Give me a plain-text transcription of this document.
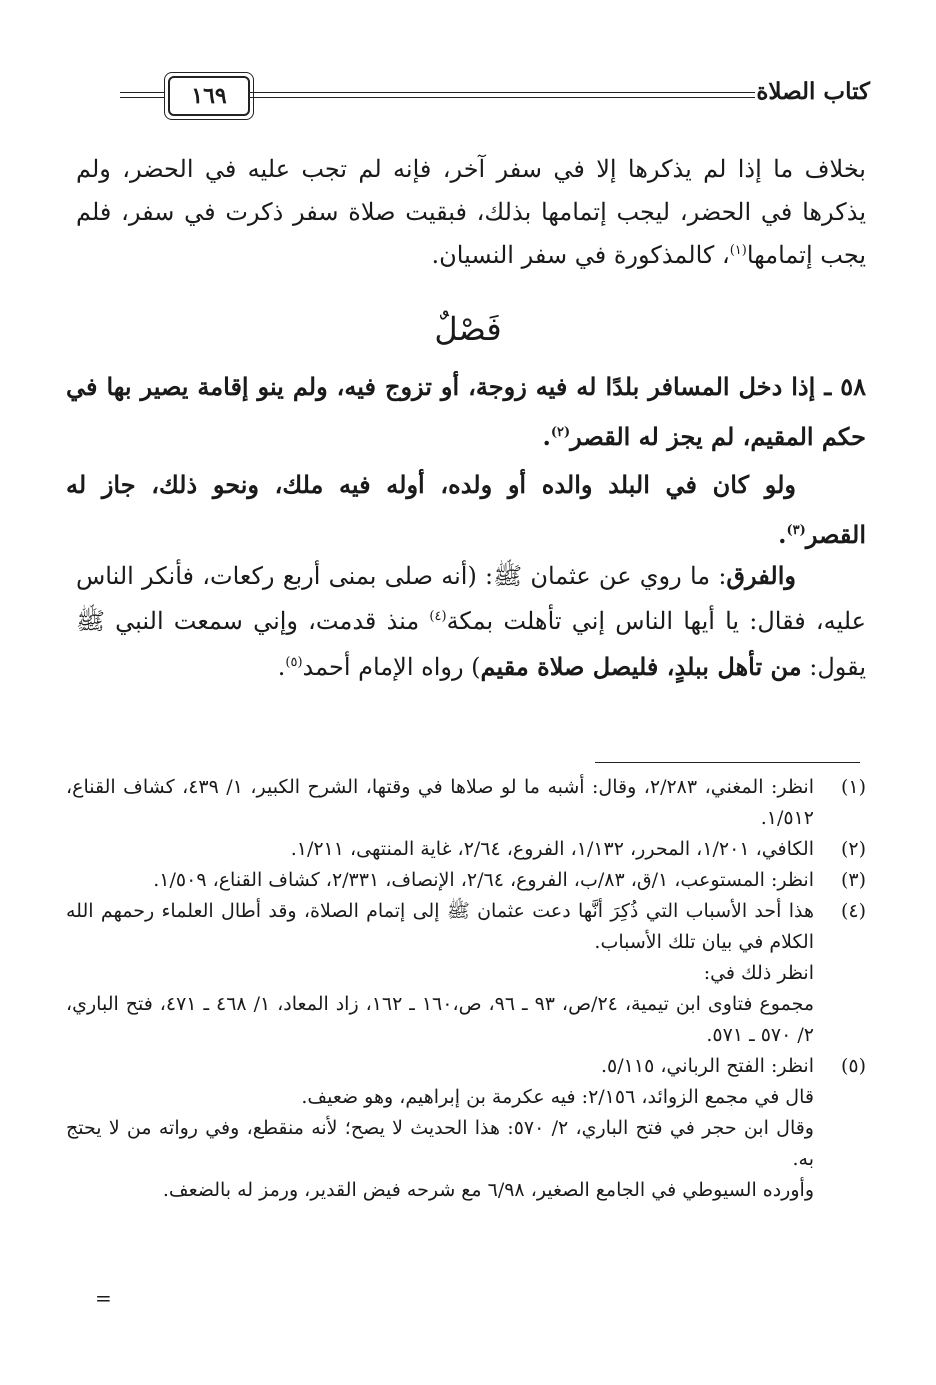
كتاب الصلاة
١٦٩
بخلاف ما إذا لم يذكرها إلا في سفر آخر، فإنه لم تجب عليه في الحضر، ولم يذكرها في الحضر، ليجب إتمامها بذلك، فبقيت صلاة سفر ذكرت في سفر، فلم يجب إتمامها$^{(١)}$، كالمذكورة في سفر النسيان.
فَصْلٌ
٥٨ ـ إذا دخل المسافر بلدًا له فيه زوجة، أو تزوج فيه، ولم ينو إقامة يصير بها في حكم المقيم، لم يجز له القصر$^{(٢)}$.
ولو كان في البلد والده أو ولده، أوله فيه ملك، ونحو ذلك، جاز له القصر$^{(٣)}$.
والفرق: ما روي عن عثمان ﷺ: (أنه صلى بمنى أربع ركعات، فأنكر الناس عليه، فقال: يا أيها الناس إني تأهلت بمكة$^{(٤)}$ منذ قدمت، وإني سمعت النبي ﷺ يقول: من تأهل ببلدٍ، فليصل صلاة مقيم) رواه الإمام أحمد$^{(٥)}$.
(١)
انظر: المغني، ٢/٢٨٣، وقال: أشبه ما لو صلاها في وقتها، الشرح الكبير، ١/ ٤٣٩، كشاف القناع، ١/٥١٢.
(٢)
الكافي، ١/٢٠١، المحرر، ١/١٣٢، الفروع، ٢/٦٤، غاية المنتهى، ١/٢١١.
(٣)
انظر: المستوعب، ١/ق، ٨٣/ب، الفروع، ٢/٦٤، الإنصاف، ٢/٣٣١، كشاف القناع، ١/٥٠٩.
(٤)
هذا أحد الأسباب التي ذُكِرَ أنَّها دعت عثمان ﷺ إلى إتمام الصلاة، وقد أطال العلماء رحمهم الله الكلام في بيان تلك الأسباب.
انظر ذلك في:
مجموع فتاوى ابن تيمية، ٢٤/ص، ٩٣ ـ ٩٦، ص،١٦٠ ـ ١٦٢، زاد المعاد، ١/ ٤٦٨ ـ ٤٧١، فتح الباري، ٢/ ٥٧٠ ـ ٥٧١.
(٥)
انظر: الفتح الرباني، ٥/١١٥.
قال في مجمع الزوائد، ٢/١٥٦: فيه عكرمة بن إبراهيم، وهو ضعيف.
وقال ابن حجر في فتح الباري، ٢/ ٥٧٠: هذا الحديث لا يصح؛ لأنه منقطع، وفي رواته من لا يحتج به.
وأورده السيوطي في الجامع الصغير، ٦/٩٨ مع شرحه فيض القدير، ورمز له بالضعف.
=
